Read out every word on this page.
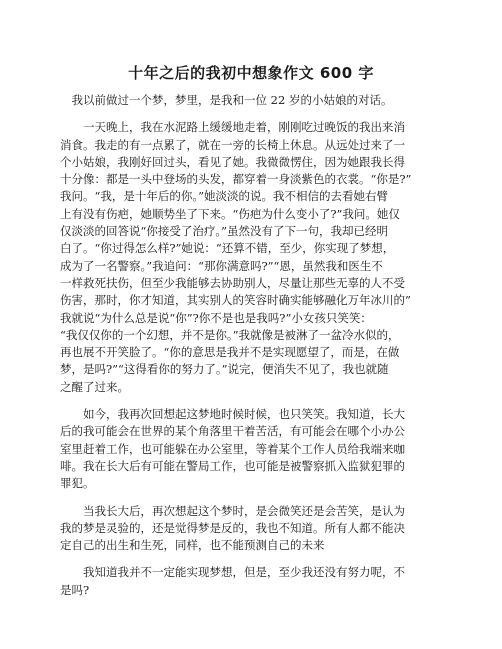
十年之后的我初中想象作文 600 字
我以前做过一个梦，梦里，是我和一位 22 岁的小姑娘的对话。
一天晚上，我在水泥路上缓缓地走着，刚刚吃过晚饭的我出来消
消食。我走的有一点累了，就在一旁的长椅上休息。从远处过来了一
个小姑娘，我刚好回过头，看见了她。我微微愣住，因为她跟我长得
十分像：都是一头中登场的头发，都穿着一身淡紫色的衣裳。“你是?”
我问。“我，是十年后的你。”她淡淡的说。我不相信的去看她右臂
上有没有伤疤，她顺势坐了下来。“伤疤为什么变小了?”我问。她仅
仅淡淡的回答说“你接受了治疗。”虽然没有了下一句，我却已经明
白了。“你过得怎么样?”她说：“还算不错，至少，你实现了梦想，
成为了一名警察。”我追问：“那你满意吗?”“恩，虽然我和医生不
一样救死扶伤，但至少我能够去协助别人，尽量让那些无辜的人不受
伤害，那时，你才知道，其实别人的笑容时确实能够融化万年冰川的”
我就说“为什么总是说“你”?你不是也是我吗?”小女孩只笑笑：
“我仅仅你的一个幻想，并不是你。”我就像是被淋了一盆冷水似的，
再也展不开笑脸了。“你的意思是我并不是实现愿望了，而是，在做
梦，是吗?”“这得看你的努力了。”说完，便消失不见了，我也就随
之醒了过来。
如今，我再次回想起这梦地时候时候，也只笑笑。我知道，长大
后的我可能会在世界的某个角落里干着苦活，有可能会在哪个小办公
室里赶着工作，也可能躲在办公室里，等着某个工作人员给我端来咖
啡。我在长大后有可能在警局工作，也可能是被警察抓入监狱犯罪的
罪犯。
当我长大后，再次想起这个梦时，是会微笑还是会苦笑，是认为
我的梦是灵验的，还是觉得梦是反的，我也不知道。所有人都不能决
定自己的出生和生死，同样，也不能预测自己的未来
我知道我并不一定能实现梦想，但是，至少我还没有努力呢，不
是吗?
